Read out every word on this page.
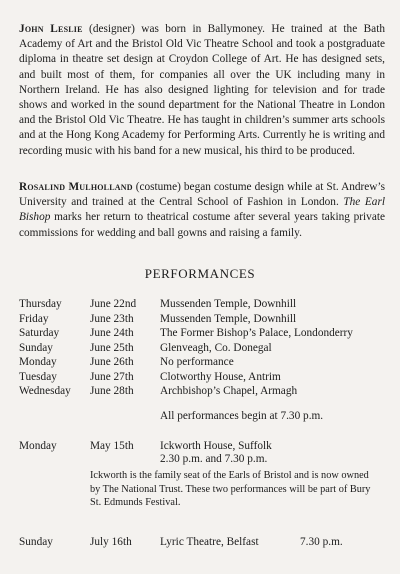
John Leslie (designer) was born in Ballymoney. He trained at the Bath Academy of Art and the Bristol Old Vic Theatre School and took a postgraduate diploma in theatre set design at Croydon College of Art. He has designed sets, and built most of them, for companies all over the UK including many in Northern Ireland. He has also designed lighting for television and for trade shows and worked in the sound department for the National Theatre in London and the Bristol Old Vic Theatre. He has taught in children’s summer arts schools and at the Hong Kong Academy for Performing Arts. Currently he is writing and recording music with his band for a new musical, his third to be produced.

Rosalind Mulholland (costume) began costume design while at St. Andrew’s University and trained at the Central School of Fashion in London. The Earl Bishop marks her return to theatrical costume after several years taking private commissions for wedding and ball gowns and raising a family.

PERFORMANCES
Thursday	June 22nd Mussenden Temple, Downhill
Friday	June 23th Mussenden Temple, Downhill
Saturday	June 24th The Former Bishop’s Palace, Londonderry
Sunday	June 25th Glenveagh, Co. Donegal
Monday	June 26th No performance
Tuesday	June 27th Clotworthy House, Antrim
Wednesday June 28th Archbishop’s Chapel, Armagh
All performances begin at 7.30 p.m.
Monday	May 15th Ickworth House, Suffolk
2.30 p.m. and 7.30 p.m.

Ickworth is the family seat of the Earls of Bristol and is now owned by The National Trust. These two performances will be part of Bury St. Edmunds Festival.

Sunday	July 16th	Lyric Theatre, Belfast	7.30 p.m.
